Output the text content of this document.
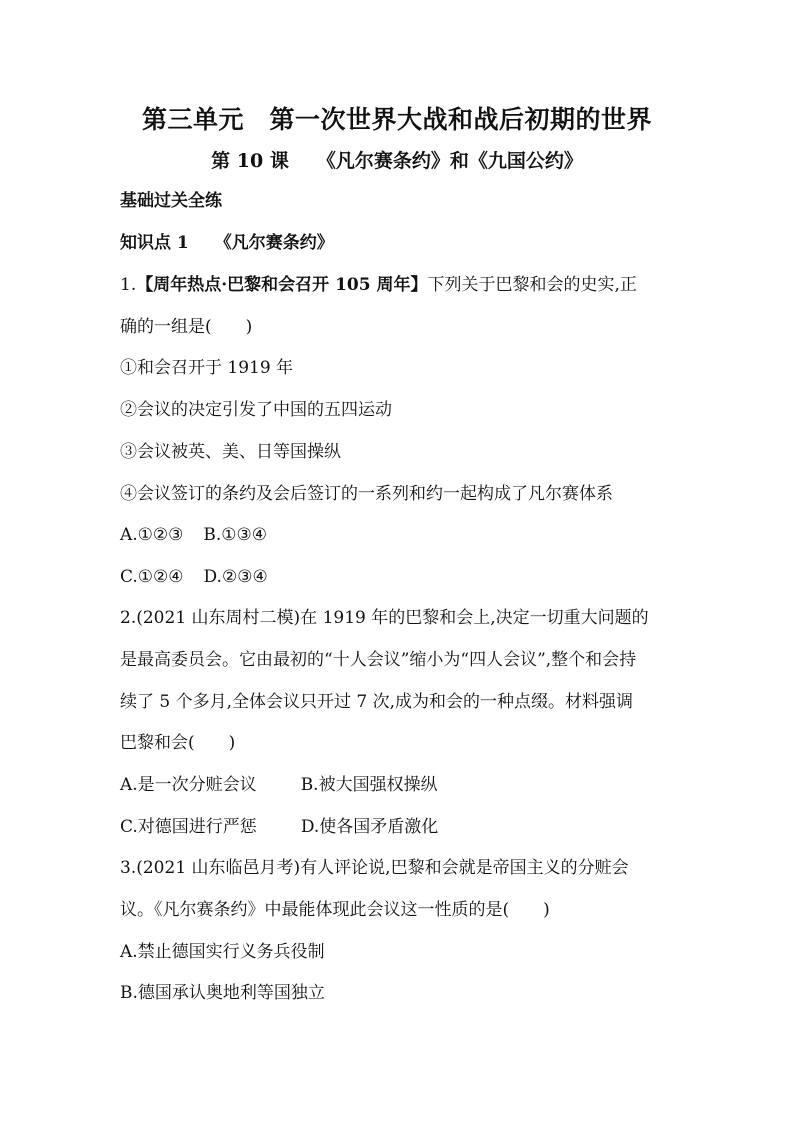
第三单元　第一次世界大战和战后初期的世界
第 10 课 《凡尔赛条约》和《九国公约》
基础过关全练
知识点 1 《凡尔赛条约》
1.【周年热点·巴黎和会召开 105 周年】下列关于巴黎和会的史实,正
确的一组是(　　)
①和会召开于 1919 年
②会议的决定引发了中国的五四运动
③会议被英、美、日等国操纵
④会议签订的条约及会后签订的一系列和约一起构成了凡尔赛体系
A.①②③ B.①③④
C.①②④ D.②③④
2.(2021 山东周村二模)在 1919 年的巴黎和会上,决定一切重大问题的
是最高委员会。它由最初的“十人会议”缩小为“四人会议”,整个和会持
续了 5 个多月,全体会议只开过 7 次,成为和会的一种点缀。材料强调
巴黎和会(　　)
A.是一次分赃会议	B.被大国强权操纵
C.对德国进行严惩	D.使各国矛盾激化
3.(2021 山东临邑月考)有人评论说,巴黎和会就是帝国主义的分赃会
议。《凡尔赛条约》中最能体现此会议这一性质的是(　　)
A.禁止德国实行义务兵役制
B.德国承认奥地利等国独立
